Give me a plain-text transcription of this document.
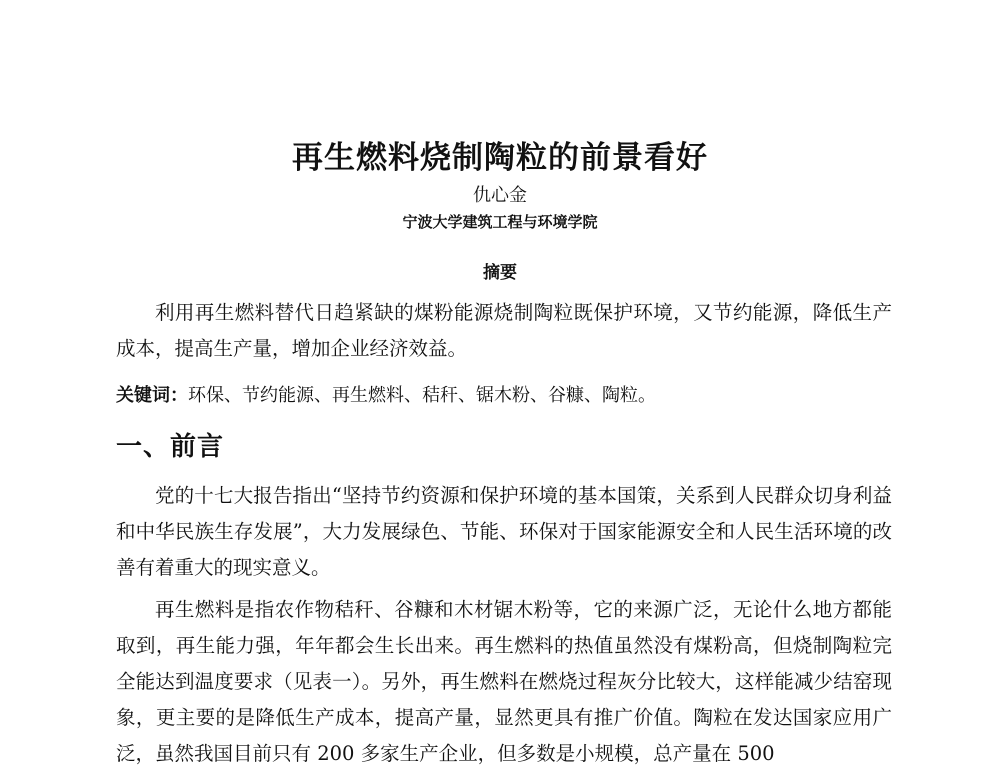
再生燃料烧制陶粒的前景看好
仇心金
宁波大学建筑工程与环境学院
摘要

利用再生燃料替代日趋紧缺的煤粉能源烧制陶粒既保护环境，又节约能源，降低生产成本，提高生产量，增加企业经济效益。

关键词：环保、节约能源、再生燃料、秸秆、锯木粉、谷糠、陶粒。
一、前言

党的十七大报告指出“坚持节约资源和保护环境的基本国策，关系到人民群众切身利益和中华民族生存发展”，大力发展绿色、节能、环保对于国家能源安全和人民生活环境的改善有着重大的现实意义。

再生燃料是指农作物秸秆、谷糠和木材锯木粉等，它的来源广泛，无论什么地方都能取到，再生能力强，年年都会生长出来。再生燃料的热值虽然没有煤粉高，但烧制陶粒完全能达到温度要求（见表一）。另外，再生燃料在燃烧过程灰分比较大，这样能减少结窑现象，更主要的是降低生产成本，提高产量，显然更具有推广价值。陶粒在发达国家应用广泛，虽然我国目前只有 200 多家生产企业，但多数是小规模，总产量在 500
